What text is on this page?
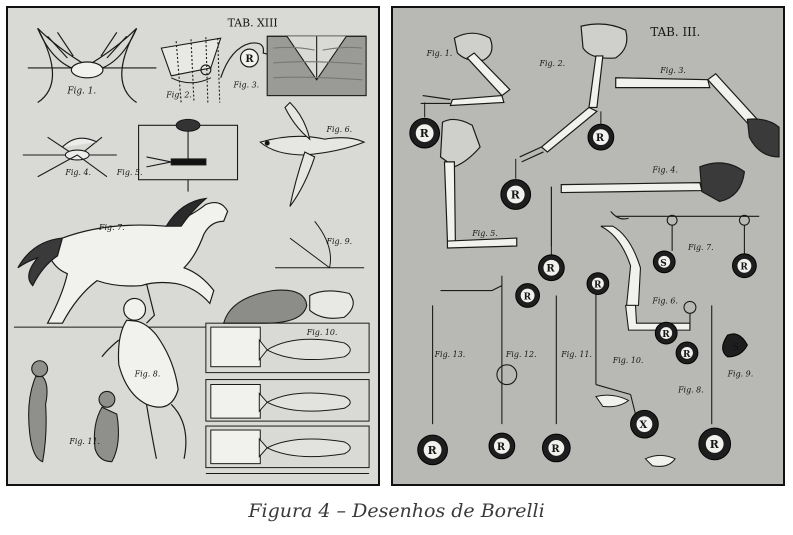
TAB. XIII
Fig. 1.	Fig. 2.
R
Fig. 3.
Fig. 4.	Fig. 5.
Fig. 6.
Fig. 9.
Fig. 7.
Fig. 8.
Fig. 11.
Fig. 10.
TAB. III.
R
Fig. 1.
R
Fig. 2.
Fig. 3.
Fig. 4.
R
R
Fig. 5.
S	R
Fig. 7.
Fig. 6.
Fig. 13.	Fig. 12.	Fig. 11.
Fig. 10.
Fig. 8.
Fig. 9.
R
R
R
R
S
R	R	R
X
R
Figura 4 – Desenhos de Borelli
